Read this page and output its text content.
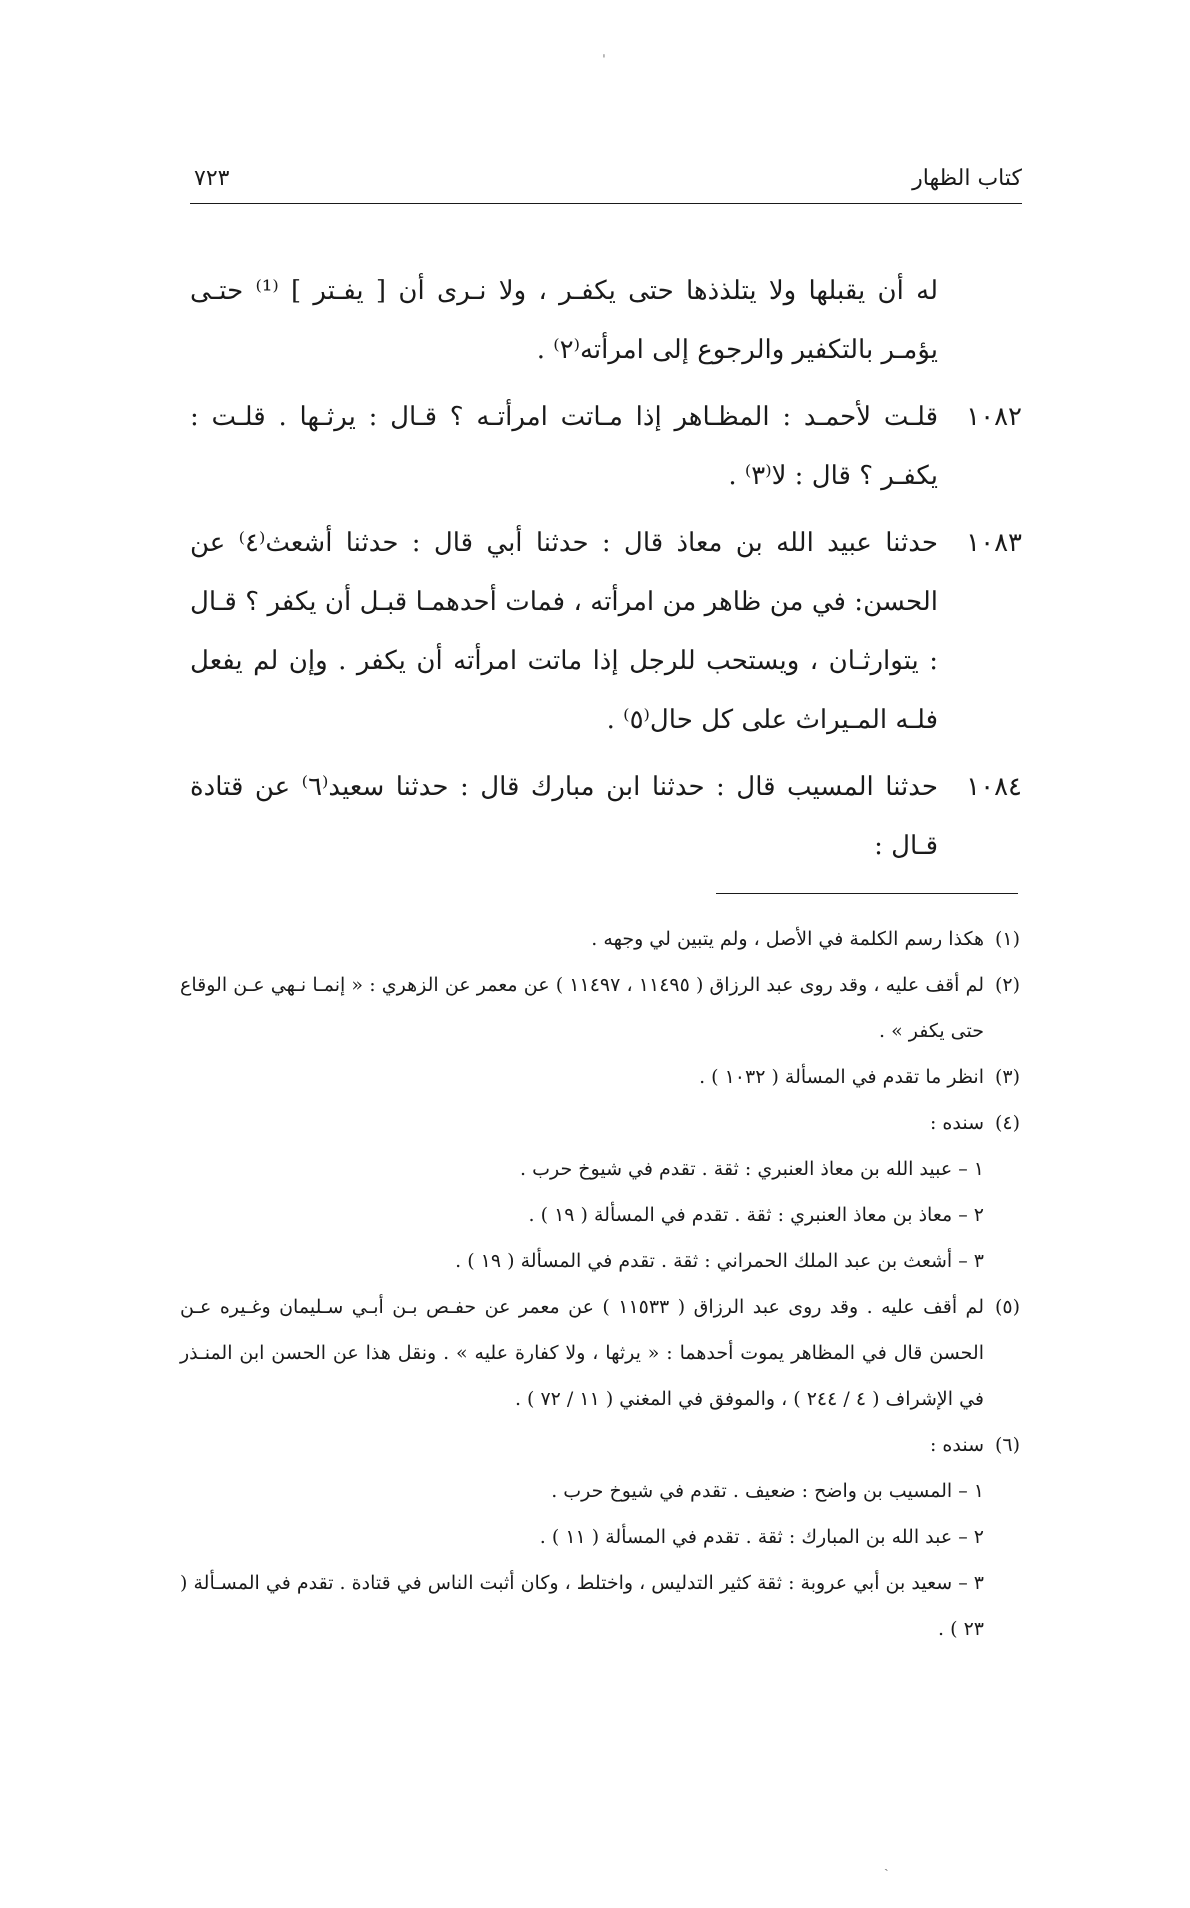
ˌ
ˎ
كتاب الظهار
٧٢٣
له أن يقبلها ولا يتلذذها حتى يكفـر ، ولا نـرى أن [ يفـتر ] ⁽¹⁾ حتـى يؤمـر بالتكفير والرجوع إلى امرأته⁽٢⁾ .
١٠٨٢
قلـت لأحمـد : المظـاهر إذا مـاتت امرأتـه ؟ قـال : يرثـها . قلـت : يكفـر ؟ قال : لا⁽٣⁾ .
١٠٨٣
حدثنا عبيد الله بن معاذ قال : حدثنا أبي قال : حدثنا أشعث⁽٤⁾ عن الحسن: في من ظاهر من امرأته ، فمات أحدهمـا قبـل أن يكفر ؟ قـال : يتوارثـان ، ويستحب للرجل إذا ماتت امرأته أن يكفر . وإن لم يفعل فلـه المـيراث على كل حال⁽٥⁾ .
١٠٨٤
حدثنا المسيب قال : حدثنا ابن مبارك قال : حدثنا سعيد⁽٦⁾ عن قتادة قـال :
(١)
هكذا رسم الكلمة في الأصل ، ولم يتبين لي وجهه .
(٢)
لم أقف عليه ، وقد روى عبد الرزاق ( ١١٤٩٥ ، ١١٤٩٧ ) عن معمر عن الزهري : « إنمـا نـهي عـن الوقاع حتى يكفر » .
(٣)
انظر ما تقدم في المسألة ( ١٠٣٢ ) .
(٤)
سنده :
١ – عبيد الله بن معاذ العنبري : ثقة . تقدم في شيوخ حرب .
٢ – معاذ بن معاذ العنبري : ثقة . تقدم في المسألة ( ١٩ ) .
٣ – أشعث بن عبد الملك الحمراني : ثقة . تقدم في المسألة ( ١٩ ) .
(٥)
لم أقف عليه . وقد روى عبد الرزاق ( ١١٥٣٣ ) عن معمر عن حفـص بـن أبـي سـليمان وغـيره عـن الحسن قال في المظاهر يموت أحدهما : « يرثها ، ولا كفارة عليه » . ونقل هذا عن الحسن ابن المنـذر في الإشراف ( ٤ / ٢٤٤ ) ، والموفق في المغني ( ١١ / ٧٢ ) .
(٦)
سنده :
١ – المسيب بن واضح : ضعيف . تقدم في شيوخ حرب .
٢ – عبد الله بن المبارك : ثقة . تقدم في المسألة ( ١١ ) .
٣ – سعيد بن أبي عروبة : ثقة كثير التدليس ، واختلط ، وكان أثبت الناس في قتادة . تقدم في المسـألة ( ٢٣ ) .
